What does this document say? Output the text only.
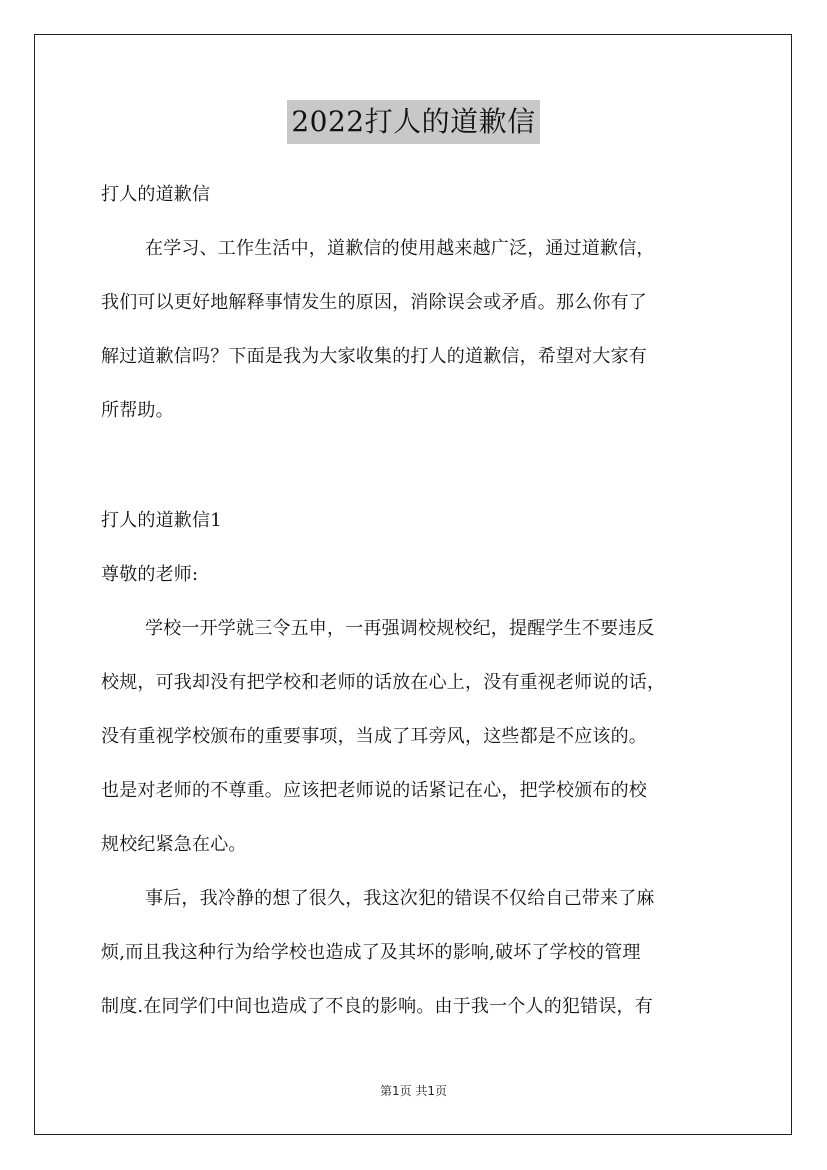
2022打人的道歉信
打人的道歉信
在学习、工作生活中，道歉信的使用越来越广泛，通过道歉信，
我们可以更好地解释事情发生的原因，消除误会或矛盾。那么你有了
解过道歉信吗？下面是我为大家收集的打人的道歉信，希望对大家有
所帮助。
打人的道歉信1
尊敬的老师:
学校一开学就三令五申，一再强调校规校纪，提醒学生不要违反
校规，可我却没有把学校和老师的话放在心上，没有重视老师说的话，
没有重视学校颁布的重要事项，当成了耳旁风，这些都是不应该的。
也是对老师的不尊重。应该把老师说的话紧记在心，把学校颁布的校
规校纪紧急在心。
事后，我冷静的想了很久，我这次犯的错误不仅给自己带来了麻
烦,而且我这种行为给学校也造成了及其坏的影响,破坏了学校的管理
制度.在同学们中间也造成了不良的影响。由于我一个人的犯错误，有
第1页 共1页
